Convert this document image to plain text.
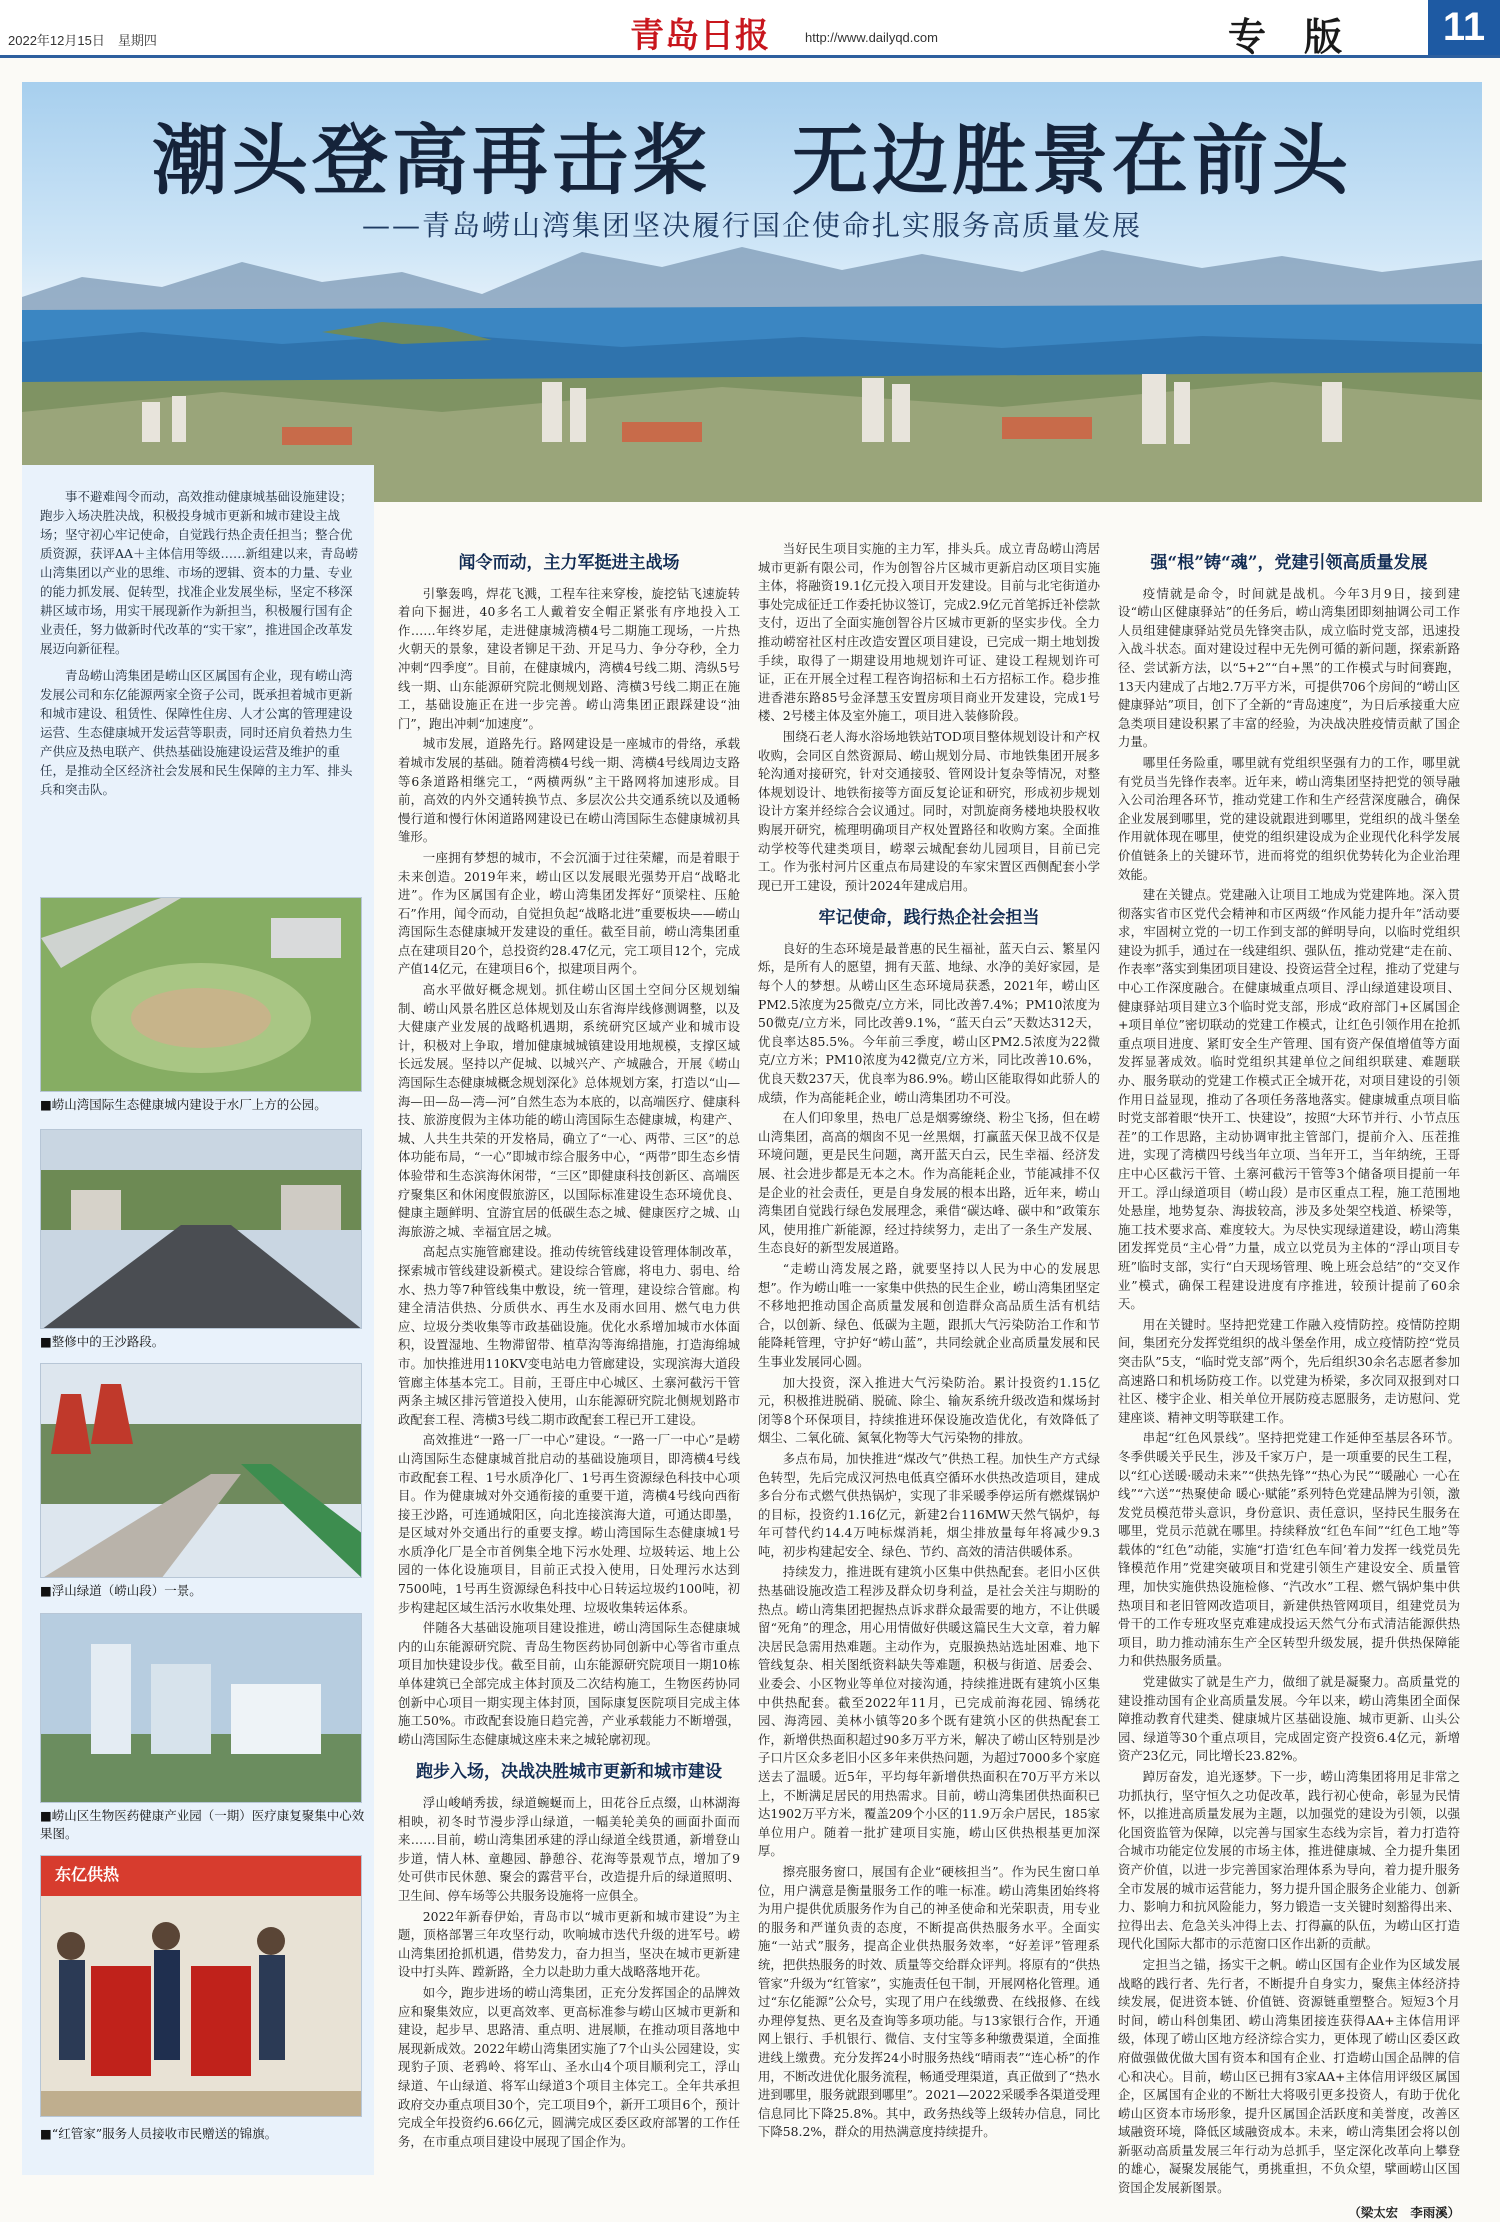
2022年12月15日　星期四	青岛日报	http://www.dailyqd.com	专　版	11
潮头登高再击桨　无边胜景在前头
——青岛崂山湾集团坚决履行国企使命扎实服务高质量发展

事不避难闯令而动，高效推动健康城基础设施建设；跑步入场决胜决战，积极投身城市更新和城市建设主战场；坚守初心牢记使命，自觉践行热企责任担当；整合优质资源，获评AA＋主体信用等级……新组建以来，青岛崂山湾集团以产业的思维、市场的逻辑、资本的力量、专业的能力抓发展、促转型，找准企业发展坐标，坚定不移深耕区域市场，用实干展现新作为新担当，积极履行国有企业责任，努力做新时代改革的“实干家”，推进国企改革发展迈向新征程。

青岛崂山湾集团是崂山区区属国有企业，现有崂山湾发展公司和东亿能源两家全资子公司，既承担着城市更新和城市建设、租赁性、保障性住房、人才公寓的管理建设运营、生态健康城开发运营等职责，同时还肩负着热力生产供应及热电联产、供热基础设施建设运营及维护的重任，是推动全区经济社会发展和民生保障的主力军、排头兵和突击队。

■崂山湾国际生态健康城内建设于水厂上方的公园。
■整修中的王沙路段。
■浮山绿道（崂山段）一景。
■崂山区生物医药健康产业园（一期）医疗康复聚集中心效果图。
东亿供热
■“红管家”服务人员接收市民赠送的锦旗。
闻令而动，主力军挺进主战场

引擎轰鸣，焊花飞溅，工程车往来穿梭，旋挖钻飞速旋转着向下掘进，40多名工人戴着安全帽正紧张有序地投入工作……年终岁尾，走进健康城湾横4号二期施工现场，一片热火朝天的景象，建设者铆足干劲、开足马力、争分夺秒，全力冲刺“四季度”。目前，在健康城内，湾横4号线二期、湾纵5号线一期、山东能源研究院北侧规划路、湾横3号线二期正在施工，基础设施正在进一步完善。崂山湾集团正跟踩建设“油门”，跑出冲刺“加速度”。

城市发展，道路先行。路网建设是一座城市的骨络，承载着城市发展的基础。随着湾横4号线一期、湾横4号线周边支路等6条道路相继完工，“两横两纵”主干路网将加速形成。目前，高效的内外交通转换节点、多层次公共交通系统以及通畅慢行道和慢行休闲道路网建设已在崂山湾国际生态健康城初具雏形。

一座拥有梦想的城市，不会沉湎于过往荣耀，而是着眼于未来创造。2019年来，崂山区以发展眼光强势开启“战略北进”。作为区属国有企业，崂山湾集团发挥好“顶梁柱、压舱石”作用，闻令而动，自觉担负起“战略北进”重要板块——崂山湾国际生态健康城开发建设的重任。截至目前，崂山湾集团重点在建项目20个，总投资约28.47亿元，完工项目12个，完成产值14亿元，在建项目6个，拟建项目两个。

高水平做好概念规划。抓住崂山区国土空间分区规划编制、崂山风景名胜区总体规划及山东省海岸线修测调整，以及大健康产业发展的战略机遇期，系统研究区域产业和城市设计，积极对上争取，增加健康城城镇建设用地规模，支撑区域长远发展。坚持以产促城、以城兴产、产城融合，开展《崂山湾国际生态健康城概念规划深化》总体规划方案，打造以“山—海—田—岛—湾—河”自然生态为本底的，以高端医疗、健康科技、旅游度假为主体功能的崂山湾国际生态健康城，构建产、城、人共生共荣的开发格局，确立了“一心、两带、三区”的总体功能布局，“一心”即城市综合服务中心，“两带”即生态乡情体验带和生态滨海休闲带，“三区”即健康科技创新区、高端医疗聚集区和休闲度假旅游区，以国际标准建设生态环境优良、健康主题鲜明、宜游宜居的低碳生态之城、健康医疗之城、山海旅游之城、幸福宜居之城。

高起点实施管廊建设。推动传统管线建设管理体制改革，探索城市管线建设新模式。建设综合管廊，将电力、弱电、给水、热力等7种管线集中敷设，统一管理，建设综合管廊。构建全清洁供热、分质供水、再生水及雨水回用、燃气电力供应、垃圾分类收集等市政基础设施。优化水系增加城市水体面积，设置湿地、生物滞留带、植草沟等海绵措施，打造海绵城市。加快推进用110KV变电站电力管廊建设，实现滨海大道段管廊主体基本完工。目前，王哥庄中心城区、土寨河截污干管两条主城区排污管道投入使用，山东能源研究院北侧规划路市政配套工程、湾横3号线二期市政配套工程已开工建设。

高效推进“一路一厂一中心”建设。“一路一厂一中心”是崂山湾国际生态健康城首批启动的基础设施项目，即湾横4号线市政配套工程、1号水质净化厂、1号再生资源绿色科技中心项目。作为健康城对外交通衔接的重要干道，湾横4号线向西衔接王沙路，可连通城阳区，向北连接滨海大道，可通达即墨，是区域对外交通出行的重要支撑。崂山湾国际生态健康城1号水质净化厂是全市首例集全地下污水处理、垃圾转运、地上公园的一体化设施项目，目前正式投入使用，日处理污水达到7500吨，1号再生资源绿色科技中心日转运垃圾约100吨，初步构建起区域生活污水收集处理、垃圾收集转运体系。

伴随各大基础设施项目建设推进，崂山湾国际生态健康城内的山东能源研究院、青岛生物医药协同创新中心等省市重点项目加快建设步伐。截至目前，山东能源研究院项目一期10栋单体建筑已全部完成主体封顶及二次结构施工，生物医药协同创新中心项目一期实现主体封顶，国际康复医院项目完成主体施工50%。市政配套设施日趋完善，产业承载能力不断增强，崂山湾国际生态健康城这座未来之城轮廓初现。

跑步入场，决战决胜城市更新和城市建设

浮山峻峭秀拔，绿道蜿蜒而上，田花谷丘点缀，山林湖海相映，初冬时节漫步浮山绿道，一幅美轮美奂的画面扑面而来……目前，崂山湾集团承建的浮山绿道全线贯通，新增登山步道，情人林、童趣园、静憩谷、花海等景观节点，增加了9处可供市民休憩、聚会的露营平台，改造提升后的绿道照明、卫生间、停车场等公共服务设施将一应俱全。

2022年新春伊始，青岛市以“城市更新和城市建设”为主题，顶格部署三年攻坚行动，吹响城市迭代升级的进军号。崂山湾集团抢抓机遇，借势发力，奋力担当，坚决在城市更新建设中打头阵、蹚新路，全力以赴助力重大战略落地开花。

如今，跑步进场的崂山湾集团，正充分发挥国企的品牌效应和聚集效应，以更高效率、更高标准参与崂山区城市更新和建设，起步早、思路清、重点明、进展顺，在推动项目落地中展现新成效。2022年崂山湾集团实施了7个山头公园建设，实现豹子顶、老鸦岭、将军山、圣水山4个项目顺利完工，浮山绿道、午山绿道、将军山绿道3个项目主体完工。全年共承担政府交办重点项目30个，完工项目9个，新开工项目6个，预计完成全年投资约6.66亿元，圆满完成区委区政府部署的工作任务，在市重点项目建设中展现了国企作为。

当好民生项目实施的主力军，排头兵。成立青岛崂山湾居城市更新有限公司，作为创智谷片区城市更新启动区项目实施主体，将融资19.1亿元投入项目开发建设。目前与北宅街道办事处完成征迁工作委托协议签订，完成2.9亿元首笔拆迁补偿款支付，迈出了全面实施创智谷片区城市更新的坚实步伐。全力推动崂窑社区村庄改造安置区项目建设，已完成一期土地划拨手续，取得了一期建设用地规划许可证、建设工程规划许可证，正在开展全过程工程咨询招标和土石方招标工作。稳步推进香港东路85号金泽慧玉安置房项目商业开发建设，完成1号楼、2号楼主体及室外施工，项目进入装修阶段。

围绕石老人海水浴场地铁站TOD项目整体规划设计和产权收购，会同区自然资源局、崂山规划分局、市地铁集团开展多轮沟通对接研究，针对交通接驳、管网设计复杂等情况，对整体规划设计、地铁衔接等方面反复论证和研究，形成初步规划设计方案并经综合会议通过。同时，对凯旋商务楼地块股权收购展开研究，梳理明确项目产权处置路径和收购方案。全面推动学校等代建类项目，崂翠云城配套幼儿园项目，目前已完工。作为张村河片区重点布局建设的车家宋置区西侧配套小学现已开工建设，预计2024年建成启用。

牢记使命，践行热企社会担当

良好的生态环境是最普惠的民生福祉，蓝天白云、繁星闪烁，是所有人的愿望，拥有天蓝、地绿、水净的美好家园，是每个人的梦想。从崂山区生态环境局获悉，2021年，崂山区PM2.5浓度为25微克/立方米，同比改善7.4%；PM10浓度为50微克/立方米，同比改善9.1%，“蓝天白云”天数达312天，优良率达85.5%。今年前三季度，崂山区PM2.5浓度为22微克/立方米；PM10浓度为42微克/立方米，同比改善10.6%，优良天数237天，优良率为86.9%。崂山区能取得如此骄人的成绩，作为高能耗企业，崂山湾集团功不可没。

在人们印象里，热电厂总是烟雾缭绕、粉尘飞扬，但在崂山湾集团，高高的烟囱不见一丝黑烟，打赢蓝天保卫战不仅是环境问题，更是民生问题，离开蓝天白云，民生幸福、经济发展、社会进步都是无本之木。作为高能耗企业，节能减排不仅是企业的社会责任，更是自身发展的根本出路，近年来，崂山湾集团自觉践行绿色发展理念，乘借“碳达峰、碳中和”政策东风，使用推广新能源，经过持续努力，走出了一条生产发展、生态良好的新型发展道路。

“走崂山湾发展之路，就要坚持以人民为中心的发展思想”。作为崂山唯一一家集中供热的民生企业，崂山湾集团坚定不移地把推动国企高质量发展和创造群众高品质生活有机结合，以创新、绿色、低碳为主题，跟抓大气污染防治工作和节能降耗管理，守护好“崂山蓝”，共同绘就企业高质量发展和民生事业发展同心圆。

加大投资，深入推进大气污染防治。累计投资约1.15亿元，积极推进脱硝、脱硫、除尘、输灰系统升级改造和煤场封闭等8个环保项目，持续推进环保设施改造优化，有效降低了烟尘、二氧化硫、氮氧化物等大气污染物的排放。

多点布局，加快推进“煤改气”供热工程。加快生产方式绿色转型，先后完成汉河热电低真空循环水供热改造项目，建成多台分布式燃气供热锅炉，实现了非采暖季停运所有燃煤锅炉的目标，投资约1.16亿元，新建2台116MW天然气锅炉，每年可替代约14.4万吨标煤消耗，烟尘排放量每年将减少9.3吨，初步构建起安全、绿色、节约、高效的清洁供暖体系。

持续发力，推进既有建筑小区集中供热配套。老旧小区供热基础设施改造工程涉及群众切身利益，是社会关注与期盼的热点。崂山湾集团把握热点诉求群众最需要的地方，不让供暖留“死角”的理念，用心用情做好供暖这篇民生大文章，着力解决居民急需用热难题。主动作为，克服换热站选址困难、地下管线复杂、相关图纸资料缺失等难题，积极与街道、居委会、业委会、小区物业等单位对接沟通，持续推进既有建筑小区集中供热配套。截至2022年11月，已完成前海花园、锦绣花园、海湾园、美林小镇等20多个既有建筑小区的供热配套工作，新增供热面积超过90多万平方米，解决了崂山区特别是沙子口片区众多老旧小区多年来供热问题，为超过7000多个家庭送去了温暖。近5年，平均每年新增供热面积在70万平方米以上，不断满足居民的用热需求。目前，崂山湾集团供热面积已达1902万平方米，覆盖209个小区的11.9万余户居民，185家单位用户。随着一批扩建项目实施，崂山区供热根基更加深厚。

擦亮服务窗口，展国有企业“硬核担当”。作为民生窗口单位，用户满意是衡量服务工作的唯一标准。崂山湾集团始终将为用户提供优质服务作为自己的神圣使命和光荣职责，用专业的服务和严谨负责的态度，不断提高供热服务水平。全面实施“一站式”服务，提高企业供热服务效率，“好差评”管理系统，把供热服务的时效、质量等交给群众评判。将原有的“供热管家”升级为“红管家”，实施责任包干制，开展网格化管理。通过“东亿能源”公众号，实现了用户在线缴费、在线报修、在线办理停复热、更名及查询等多项功能。与13家银行合作，开通网上银行、手机银行、微信、支付宝等多种缴费渠道，全面推进线上缴费。充分发挥24小时服务热线“晴雨表”“连心桥”的作用，不断改进优化服务流程，畅通受理渠道，真正做到了“热水进到哪里，服务就跟到哪里”。2021—2022采暖季各渠道受理信息同比下降25.8%。其中，政务热线等上级转办信息，同比下降58.2%，群众的用热满意度持续提升。

强“根”铸“魂”，党建引领高质量发展

疫情就是命令，时间就是战机。今年3月9日，接到建设“崂山区健康驿站”的任务后，崂山湾集团即刻抽调公司工作人员组建健康驿站党员先锋突击队，成立临时党支部，迅速投入战斗状态。面对建设过程中无先例可循的新问题，探索新路径、尝试新方法，以“5+2”“白+黑”的工作模式与时间赛跑，13天内建成了占地2.7万平方米，可提供706个房间的“崂山区健康驿站”项目，创下了全新的“青岛速度”，为日后承接重大应急类项目建设积累了丰富的经验，为决战决胜疫情贡献了国企力量。

哪里任务险重，哪里就有党组织坚强有力的工作，哪里就有党员当先锋作表率。近年来，崂山湾集团坚持把党的领导融入公司治理各环节，推动党建工作和生产经营深度融合，确保企业发展到哪里，党的建设就跟进到哪里，党组织的战斗堡垒作用就体现在哪里，使党的组织建设成为企业现代化科学发展价值链条上的关键环节，进而将党的组织优势转化为企业治理效能。

建在关键点。党建融入让项目工地成为党建阵地。深入贯彻落实省市区党代会精神和市区两级“作风能力提升年”活动要求，牢固树立党的一切工作到支部的鲜明导向，以临时党组织建设为抓手，通过在一线建组织、强队伍，推动党建“走在前、作表率”落实到集团项目建设、投资运营全过程，推动了党建与中心工作深度融合。在健康城重点项目、浮山绿道建设项目、健康驿站项目建立3个临时党支部，形成“政府部门+区属国企+项目单位”密切联动的党建工作模式，让红色引领作用在抢抓重点项目进度、紧盯安全生产管理、国有资产保值增值等方面发挥显著成效。临时党组织其建单位之间组织联建、难题联办、服务联动的党建工作模式正全城开花，对项目建设的引领作用日益显现，推动了各项任务落地落实。健康城重点项目临时党支部着眼“快开工、快建设”，按照“大环节并行、小节点压茬”的工作思路，主动协调审批主管部门，提前介入、压茬推进，实现了湾横四号线当年立项、当年开工，当年纳统，王哥庄中心区截污干管、土寨河截污干管等3个储备项目提前一年开工。浮山绿道项目（崂山段）是市区重点工程，施工范围地处悬崖，地势复杂、海拔较高，涉及多处架空栈道、桥梁等，施工技术要求高、难度较大。为尽快实现绿道建设，崂山湾集团发挥党员“主心骨”力量，成立以党员为主体的“浮山项目专班”临时支部，实行“白天现场管理、晚上班会总结”的“交叉作业”模式，确保工程建设进度有序推进，较预计提前了60余天。

用在关键时。坚持把党建工作融入疫情防控。疫情防控期间，集团充分发挥党组织的战斗堡垒作用，成立疫情防控“党员突击队”5支，“临时党支部”两个，先后组织30余名志愿者参加高速路口和机场防疫工作。以党建为桥梁，多次同双报到对口社区、楼宇企业、相关单位开展防疫志愿服务，走访慰问、党建座谈、精神文明等联建工作。

串起“红色风景线”。坚持把党建工作延伸至基层各环节。冬季供暖关乎民生，涉及千家万户，是一项重要的民生工程，以“红心送暖·暖动未来”“供热先锋”“热心为民”“暖融心 一心在线”“六送”“热聚使命 暖心·赋能”系列特色党建品牌为引领，激发党员模范带头意识，身份意识、责任意识，坚持民生服务在哪里，党员示范就在哪里。持续释放“红色车间”“红色工地”等载体的“红色”动能，实施“打造‘红色车间’着力发挥一线党员先锋模范作用”党建突破项目和党建引领生产建设安全、质量管理，加快实施供热设施检修、“汽改水”工程、燃气锅炉集中供热项目和老旧管网改造项目，新建供热管网项目，组建党员为骨干的工作专班攻坚克难建成投运天然气分布式清洁能源供热项目，助力推动浦东生产全区转型升级发展，提升供热保障能力和供热服务质量。

党建做实了就是生产力，做细了就是凝聚力。高质量党的建设推动国有企业高质量发展。今年以来，崂山湾集团全面保障推动教育代建类、健康城片区基础设施、城市更新、山头公园、绿道等30个重点项目，完成固定资产投资6.4亿元，新增资产23亿元，同比增长23.82%。

踔厉奋发，追光逐梦。下一步，崂山湾集团将用足非常之功抓执行，坚守恒久之功促改革，践行初心使命，彰显为民情怀，以推进高质量发展为主题，以加强党的建设为引领，以强化国资监管为保障，以完善与国家生态线为宗旨，着力打造符合城市功能定位发展的市场主体，推进健康城、全力提升集团资产价值，以进一步完善国家治理体系为导向，着力提升服务全市发展的城市运营能力，努力提升国企服务企业能力、创新力、影响力和抗风险能力，努力锻造一支关键时刻豁得出来、拉得出去、危急关头冲得上去、打得赢的队伍，为崂山区打造现代化国际大都市的示范窗口区作出新的贡献。

定担当之锚，扬实干之帆。崂山区国有企业作为区域发展战略的践行者、先行者，不断提升自身实力，聚焦主体经济持续发展，促进资本链、价值链、资源链重塑整合。短短3个月时间，崂山科创集团、崂山湾集团接连获得AA+主体信用评级，体现了崂山区地方经济综合实力，更体现了崂山区委区政府做强做优做大国有资本和国有企业、打造崂山国企品牌的信心和决心。目前，崂山区已拥有3家AA+主体信用评级区属国企，区属国有企业的不断壮大将吸引更多投资人，有助于优化崂山区资本市场形象，提升区属国企活跃度和美誉度，改善区域融资环境，降低区域融资成本。未来，崂山湾集团会将以创新驱动高质量发展三年行动为总抓手，坚定深化改革向上攀登的雄心，凝聚发展能气，勇挑重担，不负众望，擘画崂山区国资国企发展新图景。

（梁太宏　李雨溪）
